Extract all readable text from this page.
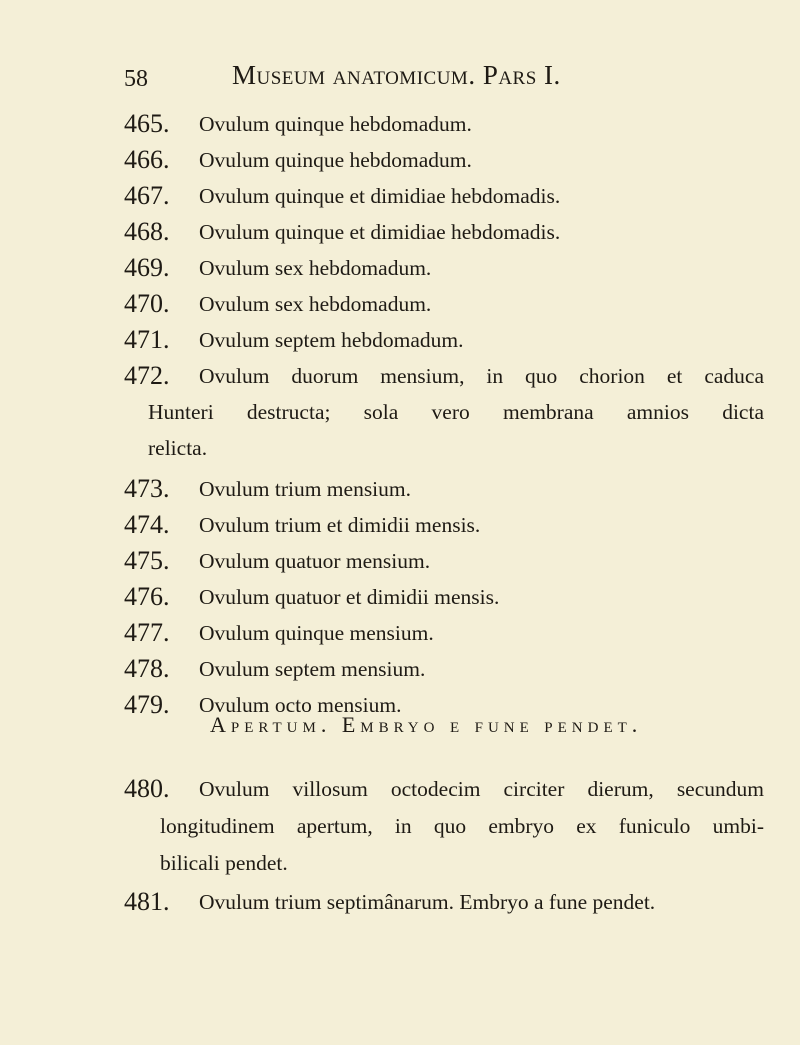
58	Museum anatomicum. Pars I.
465.	Ovulum quinque hebdomadum.
466.	Ovulum quinque hebdomadum.
467.	Ovulum quinque et dimidiae hebdomadis.
468.	Ovulum quinque et dimidiae hebdomadis.
469.	Ovulum sex hebdomadum.
470.	Ovulum sex hebdomadum.
471.	Ovulum septem hebdomadum.
472.	Ovulum duorum mensium, in quo chorion et caduca
Hunteri destructa; sola vero membrana amnios dicta
relicta.
473.	Ovulum trium mensium.
474.	Ovulum trium et dimidii mensis.
475.	Ovulum quatuor mensium.
476.	Ovulum quatuor et dimidii mensis.
477.	Ovulum quinque mensium.
478.	Ovulum septem mensium.
479.	Ovulum octo mensium.
Apertum. Embryo e fune pendet.
480.	Ovulum villosum octodecim circiter dierum, secundum
longitudinem apertum, in quo embryo ex funiculo umbi-
bilicali pendet.
481.	Ovulum trium septimânarum. Embryo a fune pendet.
